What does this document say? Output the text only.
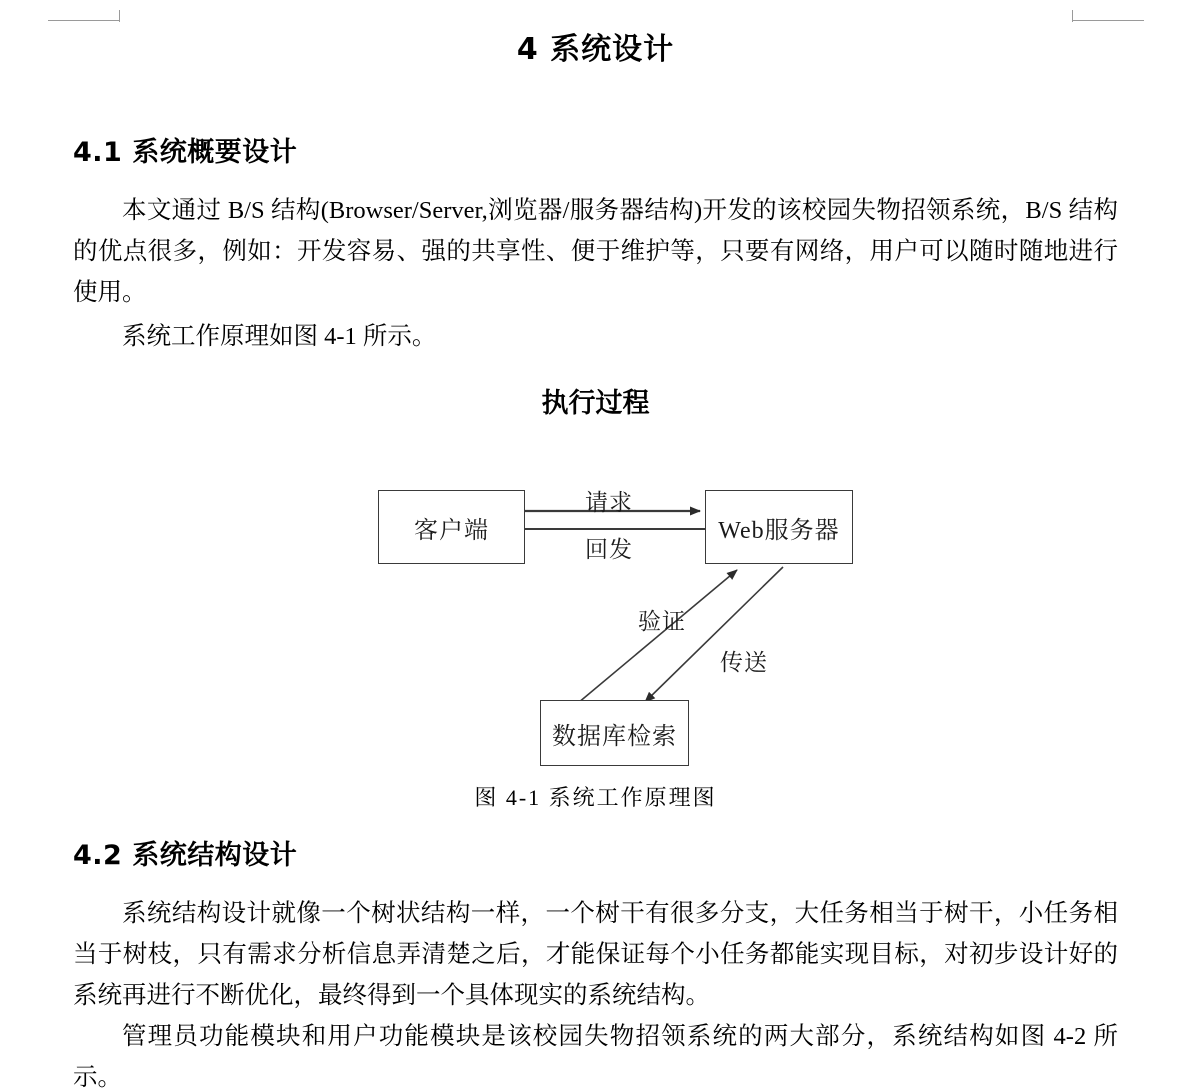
4 系统设计
4.1 系统概要设计
本文通过 B/S 结构(Browser/Server,浏览器/服务器结构)开发的该校园失物招领系统，B/S 结构的优点很多，例如：开发容易、强的共享性、便于维护等，只要有网络，用户可以随时随地进行使用。
系统工作原理如图 4-1 所示。
执行过程
客户端	Web服务器
数据库检索
请求
回发
验证
传送
图 4-1 系统工作原理图
4.2 系统结构设计
系统结构设计就像一个树状结构一样，一个树干有很多分支，大任务相当于树干，小任务相当于树枝，只有需求分析信息弄清楚之后，才能保证每个小任务都能实现目标，对初步设计好的系统再进行不断优化，最终得到一个具体现实的系统结构。
管理员功能模块和用户功能模块是该校园失物招领系统的两大部分，系统结构如图 4-2 所示。
